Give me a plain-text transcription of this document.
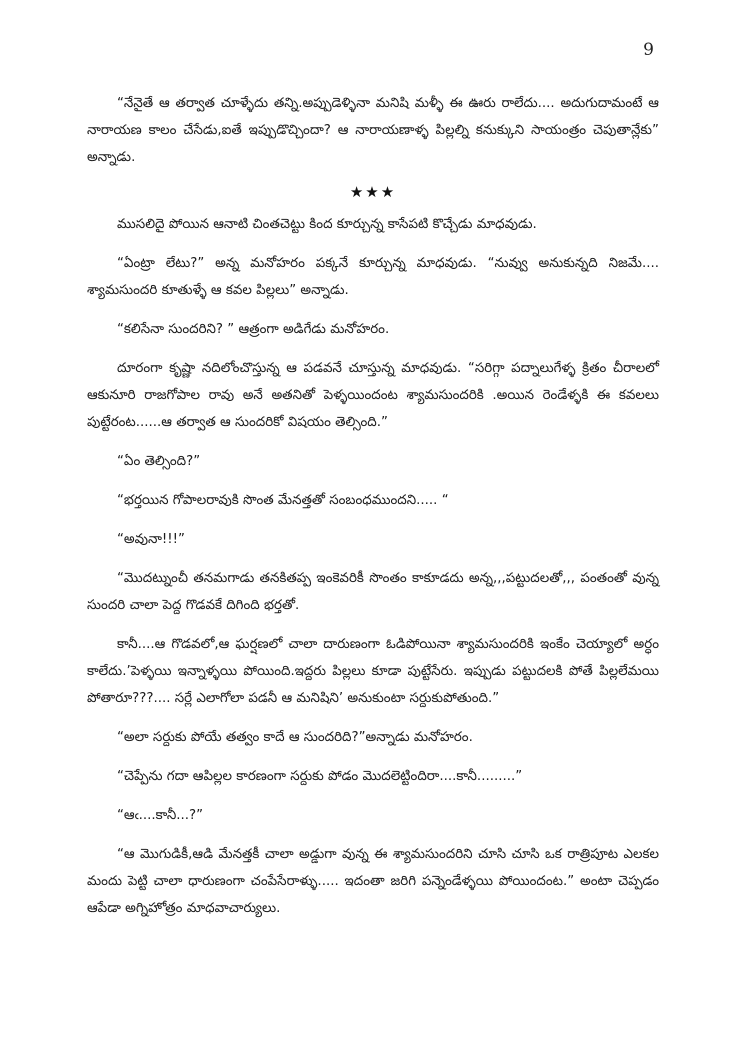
9

“నేనైతే ఆ తర్వాత చూళ్ళేదు తన్ని.అప్పుడెళ్ళినా మనిషి మళ్ళీ ఈ ఊరు రాలేదు.... అదుగుదామంటే ఆ నారాయణ కాలం చేసేడు,ఐతే ఇప్పుడొచ్చిందా? ఆ నారాయణాళ్ళ పిల్లల్ని కనుక్కుని సాయంత్రం చెపుతాన్లేకు” అన్నాడు.

★★★

ముసలిదై పోయిన ఆనాటి చింతచెట్టు కింద కూర్చున్న కాసేపటి కొచ్చేడు మాధవుడు.

“ఏంట్రా లేటు?” అన్న మనోహరం పక్కనే కూర్చున్న మాధవుడు. “నువ్వు అనుకున్నది నిజమే.... శ్యామసుందరి కూతుళ్ళే ఆ కవల పిల్లలు” అన్నాడు.

“కలిసేనా సుందరిని? ” ఆత్రంగా అడిగేడు మనోహరం.

దూరంగా కృష్ణా నదిలోంచొస్తున్న ఆ పడవనే చూస్తున్న మాధవుడు. “సరిగ్గా పద్నాలుగేళ్ళ క్రితం చీరాలలో ఆకునూరి రాజగోపాల రావు అనే అతనితో పెళ్ళయిందంట శ్యామసుందరికి .అయిన రెండేళ్ళకి ఈ కవలలు పుట్టేరంట......ఆ తర్వాత ఆ సుందరికో విషయం తెల్సింది.”

“ఏం తెల్సింది?”

“భర్తయిన గోపాలరావుకి సొంత మేనత్తతో సంబంధముందని..... “

“అవునా!!!”

“మొదట్నుంచీ తనమగాడు తనకితప్ప ఇంకెవరికీ సొంతం కాకూడదు అన్న,,,పట్టుదలతో,,, పంతంతో వున్న సుందరి చాలా పెద్ద గొడవకే దిగింది భర్తతో.

కానీ....ఆ గొడవలో,ఆ ఘర్షణలో చాలా దారుణంగా ఓడిపోయినా శ్యామసుందరికి ఇంకేం చెయ్యాలో అర్ధం కాలేదు.’పెళ్ళయి ఇన్నాళ్ళయి పోయింది.ఇద్దరు పిల్లలు కూడా పుట్టేసేరు. ఇప్పుడు పట్టుదలకి పోతే పిల్లలేమయి పోతారూ???.... సర్లే ఎలాగోలా పడనీ ఆ మనిషిని’ అనుకుంటా సర్దుకుపోతుంది.”

“అలా సర్దుకు పోయే తత్వం కాదే ఆ సుందరిది?”అన్నాడు మనోహరం.

“చెప్పేను గదా ఆపిల్లల కారణంగా సర్దుకు పోడం మొదలెట్టిందిరా....కానీ.........”

“ఆఁ....కానీ...?”

“ఆ మొగుడికీ,ఆడి మేనత్తకీ చాలా అడ్డుగా వున్న ఈ శ్యామసుందరిని చూసి చూసి ఒక రాత్రిపూట ఎలకల మందు పెట్టి చాలా ధారుణంగా చంపేసేరాళ్ళు..... ఇదంతా జరిగి పన్నెండేళ్ళయి పోయిందంట.” అంటా చెప్పడం ఆపేడా అగ్నిహోత్రం మాధవాచార్యులు.
